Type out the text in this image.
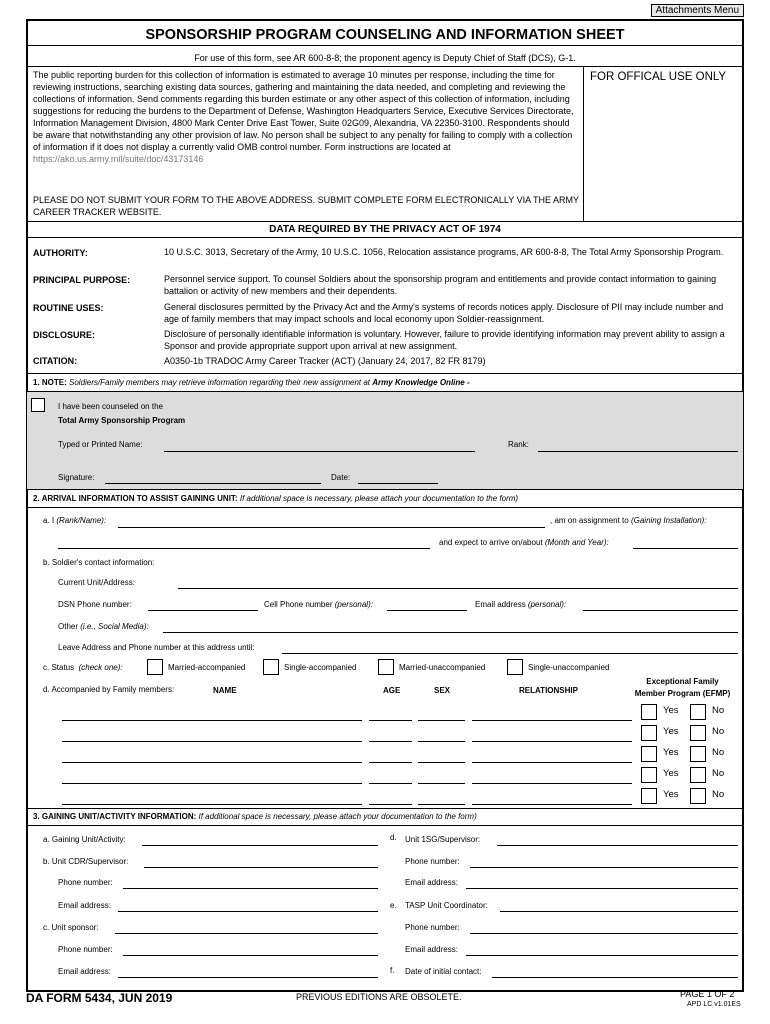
Attachments Menu
SPONSORSHIP PROGRAM COUNSELING AND INFORMATION SHEET
For use of this form, see AR 600-8-8; the proponent agency is Deputy Chief of Staff (DCS), G-1.
The public reporting burden for this collection of information is estimated to average 10 minutes per response, including the time for reviewing instructions, searching existing data sources, gathering and maintaining the data needed, and completing and reviewing the collections of information. Send comments regarding this burden estimate or any other aspect of this collection of information, including suggestions for reducing the burdens to the Department of Defense, Washington Headquarters Service, Executive Services Directorate, Information Management Division, 4800 Mark Center Drive East Tower, Suite 02G09, Alexandria, VA 22350-3100. Respondents should be aware that notwithstanding any other provision of law. No person shall be subject to any penalty for failing to comply with a collection of information if it does not display a currently valid OMB control number. Form instructions are located at
https://ako.us.army.mil/suite/doc/43173146
PLEASE DO NOT SUBMIT YOUR FORM TO THE ABOVE ADDRESS. SUBMIT COMPLETE FORM ELECTRONICALLY VIA THE ARMY CAREER TRACKER WEBSITE.
FOR OFFICAL USE ONLY
DATA REQUIRED BY THE PRIVACY ACT OF 1974
AUTHORITY:	10 U.S.C. 3013, Secretary of the Army, 10 U.S.C. 1056, Relocation assistance programs, AR 600-8-8, The Total Army Sponsorship Program.
PRINCIPAL PURPOSE:	Personnel service support. To counsel Soldiers about the sponsorship program and entitlements and provide contact information to gaining battalion or activity of new members and their dependents.
ROUTINE USES:	General disclosures permitted by the Privacy Act and the Army's systems of records notices apply. Disclosure of PII may include number and age of family members that may impact schools and local economy upon Soldier-reassignment.
DISCLOSURE:	Disclosure of personally identifiable information is voluntary. However, failure to provide identifying information may prevent ability to assign a Sponsor and provide appropriate support upon arrival at new assignment.
CITATION:	A0350-1b TRADOC Army Career Tracker (ACT) (January 24, 2017, 82 FR 8179)
1. NOTE: Soldiers/Family members may retrieve information regarding their new assignment at Army Knowledge Online -
I have been counseled on the
Total Army Sponsorship Program
Typed or Printed Name:	Rank:
Signature:	Date:
2. ARRIVAL INFORMATION TO ASSIST GAINING UNIT: If additional space is necessary, please attach your documentation to the form)
a. I (Rank/Name):	, am on assignment to (Gaining Installation):
and expect to arrive on/about (Month and Year):
b. Soldier's contact information:
Current Unit/Address:
DSN Phone number:	Cell Phone number (personal):	Email address (personal):
Other (i.e., Social Media):
Leave Address and Phone number at this address until:
c. Status (check one):	Married-accompanied	Single-accompanied	Married-unaccompanied	Single-unaccompanied
d. Accompanied by Family members:	NAME	AGE	SEX	RELATIONSHIP
Exceptional Family
Member Program (EFMP)
Yes	No
Yes	No
Yes	No
Yes	No
Yes	No
3. GAINING UNIT/ACTIVITY INFORMATION: If additional space is necessary, please attach your documentation to the form)
a. Gaining Unit/Activity:
b. Unit CDR/Supervisor:
Phone number:
Email address:
c. Unit sponsor:
Phone number:
Email address:
d. Unit 1SG/Supervisor:
Phone number:
Email address:
e. TASP Unit Coordinator:
Phone number:
Email address:
f. Date of initial contact:
DA FORM 5434, JUN 2019	PREVIOUS EDITIONS ARE OBSOLETE.	PAGE 1 OF 2
APD LC v1.01ES
